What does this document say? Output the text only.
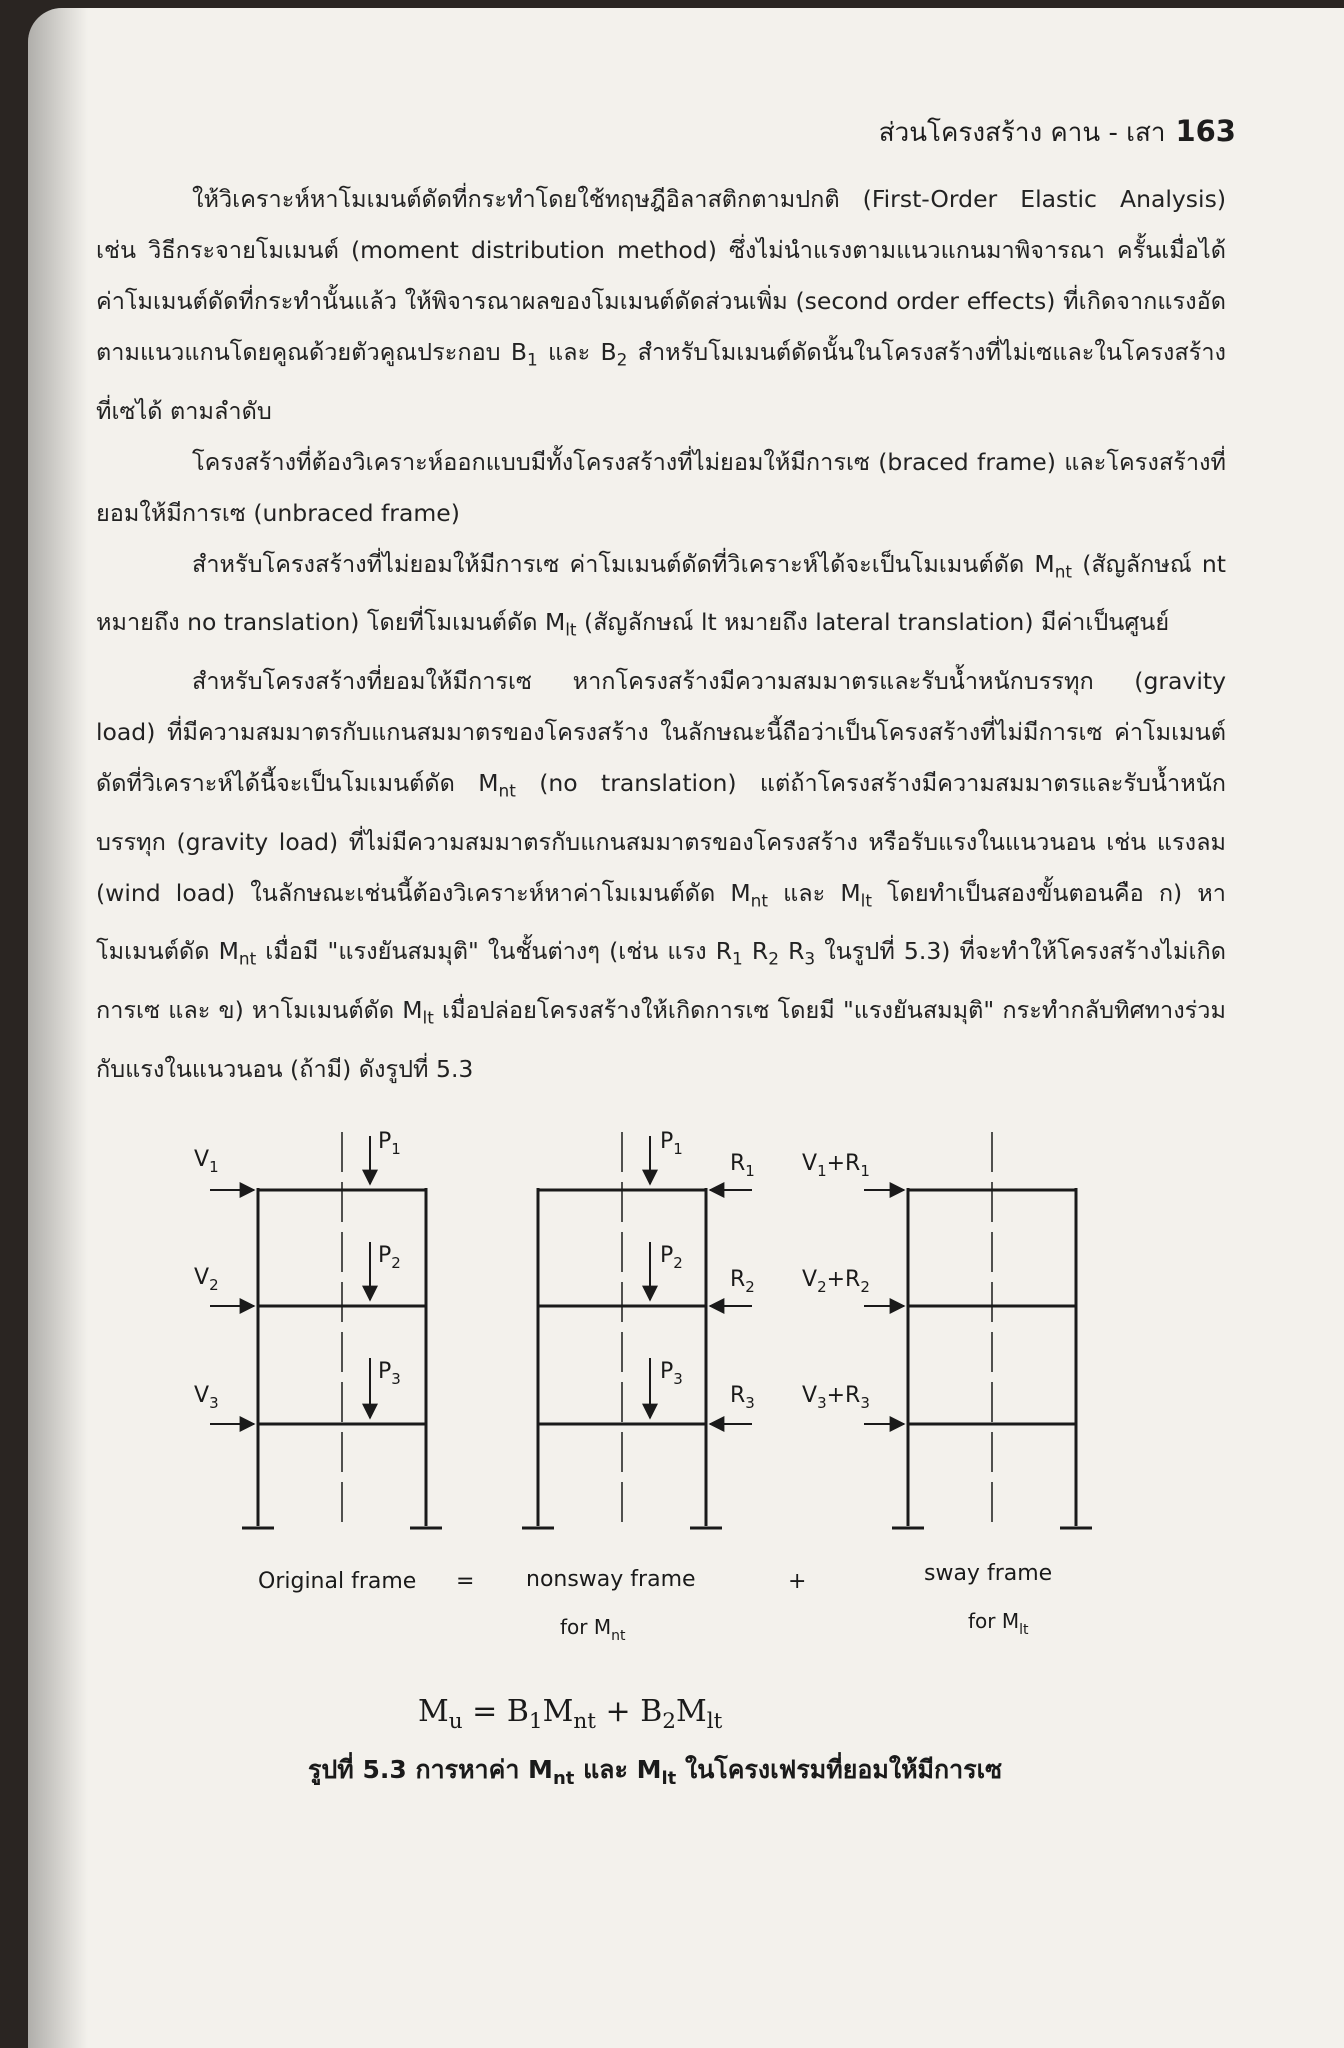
ส่วนโครงสร้าง คาน - เสา 163

ให้วิเคราะห์หาโมเมนต์ดัดที่กระทำโดยใช้ทฤษฎีอิลาสติกตามปกติ (First-Order Elastic Analysis) เช่น วิธีกระจายโมเมนต์ (moment distribution method) ซึ่งไม่นำแรงตามแนวแกนมาพิจารณา ครั้นเมื่อได้ค่าโมเมนต์ดัดที่กระทำนั้นแล้ว ให้พิจารณาผลของโมเมนต์ดัดส่วนเพิ่ม (second order effects) ที่เกิดจากแรงอัดตามแนวแกนโดยคูณด้วยตัวคูณประกอบ $B_1$ และ $B_2$ สำหรับโมเมนต์ดัดนั้นในโครงสร้างที่ไม่เซและในโครงสร้างที่เซได้ ตามลำดับ

โครงสร้างที่ต้องวิเคราะห์ออกแบบมีทั้งโครงสร้างที่ไม่ยอมให้มีการเซ (braced frame) และโครงสร้างที่ยอมให้มีการเซ (unbraced frame)

สำหรับโครงสร้างที่ไม่ยอมให้มีการเซ ค่าโมเมนต์ดัดที่วิเคราะห์ได้จะเป็นโมเมนต์ดัด $M_{nt}$ (สัญลักษณ์ nt หมายถึง no translation) โดยที่โมเมนต์ดัด $M_{lt}$ (สัญลักษณ์ lt หมายถึง lateral translation) มีค่าเป็นศูนย์

สำหรับโครงสร้างที่ยอมให้มีการเซ หากโครงสร้างมีความสมมาตรและรับน้ำหนักบรรทุก (gravity load) ที่มีความสมมาตรกับแกนสมมาตรของโครงสร้าง ในลักษณะนี้ถือว่าเป็นโครงสร้างที่ไม่มีการเซ ค่าโมเมนต์ดัดที่วิเคราะห์ได้นี้จะเป็นโมเมนต์ดัด $M_{nt}$ (no translation) แต่ถ้าโครงสร้างมีความสมมาตรและรับน้ำหนักบรรทุก (gravity load) ที่ไม่มีความสมมาตรกับแกนสมมาตรของโครงสร้าง หรือรับแรงในแนวนอน เช่น แรงลม (wind load) ในลักษณะเช่นนี้ต้องวิเคราะห์หาค่าโมเมนต์ดัด $M_{nt}$ และ $M_{lt}$ โดยทำเป็นสองขั้นตอนคือ ก) หาโมเมนต์ดัด $M_{nt}$ เมื่อมี "แรงยันสมมุติ" ในชั้นต่างๆ (เช่น แรง $R_1$ $R_2$ $R_3$ ในรูปที่ 5.3) ที่จะทำให้โครงสร้างไม่เกิดการเซ และ ข) หาโมเมนต์ดัด $M_{lt}$ เมื่อปล่อยโครงสร้างให้เกิดการเซ โดยมี "แรงยันสมมุติ" กระทำกลับทิศทางร่วมกับแรงในแนวนอน (ถ้ามี) ดังรูปที่ 5.3

$V_1$
$V_2$
$V_3$
$P_1$
$P_2$
$P_3$
$P_1$
$P_2$
$P_3$
$R_1$
$R_2$
$R_3$
$V_1+R_1$
$V_2+R_2$
$V_3+R_3$
Original frame = nonsway frame
for $M_{nt}$
+	sway frame
for $M_{lt}$
$M_u = B_1M_{nt} + B_2M_{lt}$
รูปที่ 5.3 การหาค่า $M_{nt}$ และ $M_{lt}$ ในโครงเฟรมที่ยอมให้มีการเซ
